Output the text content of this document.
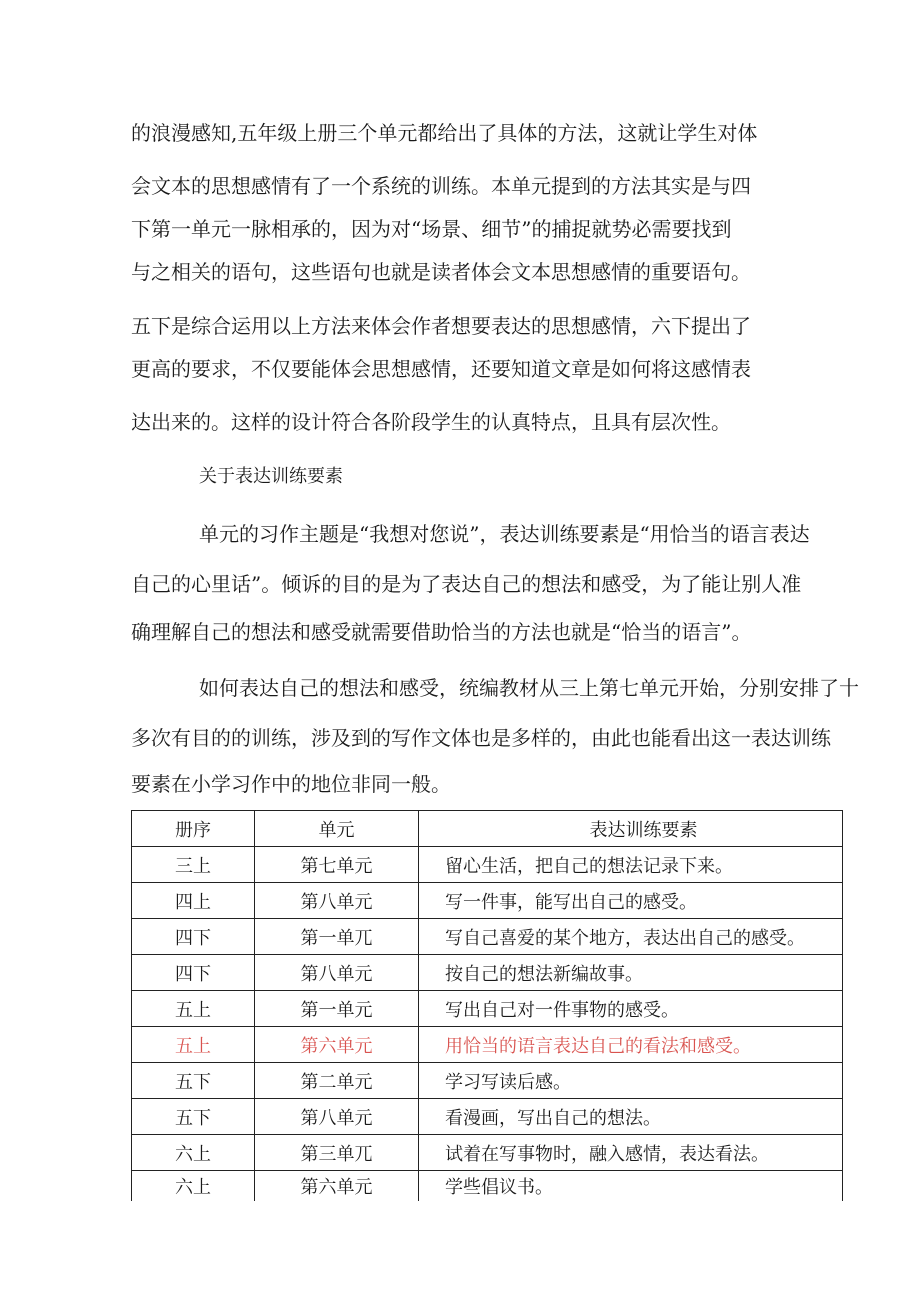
的浪漫感知,五年级上册三个单元都给出了具体的方法，这就让学生对体
会文本的思想感情有了一个系统的训练。本单元提到的方法其实是与四
下第一单元一脉相承的，因为对“场景、细节”的捕捉就势必需要找到
与之相关的语句，这些语句也就是读者体会文本思想感情的重要语句。
五下是综合运用以上方法来体会作者想要表达的思想感情，六下提出了
更高的要求，不仅要能体会思想感情，还要知道文章是如何将这感情表
达出来的。这样的设计符合各阶段学生的认真特点，且具有层次性。
关于表达训练要素
单元的习作主题是“我想对您说”，表达训练要素是“用恰当的语言表达
自己的心里话”。倾诉的目的是为了表达自己的想法和感受，为了能让别人准
确理解自己的想法和感受就需要借助恰当的方法也就是“恰当的语言”。
如何表达自己的想法和感受，统编教材从三上第七单元开始，分别安排了十
多次有目的的训练，涉及到的写作文体也是多样的，由此也能看出这一表达训练
要素在小学习作中的地位非同一般。
册序	单元	表达训练要素
三上	第七单元	留心生活，把自己的想法记录下来。
四上	第八单元	写一件事，能写出自己的感受。
四下	第一单兀	写自己喜爱的某个地方，表达出自己的感受。
四下	第八单元	按自己的想法新编故事。
五上	第一单元	写出自己对一件事物的感受。
五上	第六单元	用恰当的语言表达自己的看法和感受。
五下	第二单元	学习写读后感。
五下	第八单元	看漫画，写出自己的想法。
六上	第三单兀	试着在写事物时，融入感情，表达看法。
六上	第六单元	学些倡议书。
